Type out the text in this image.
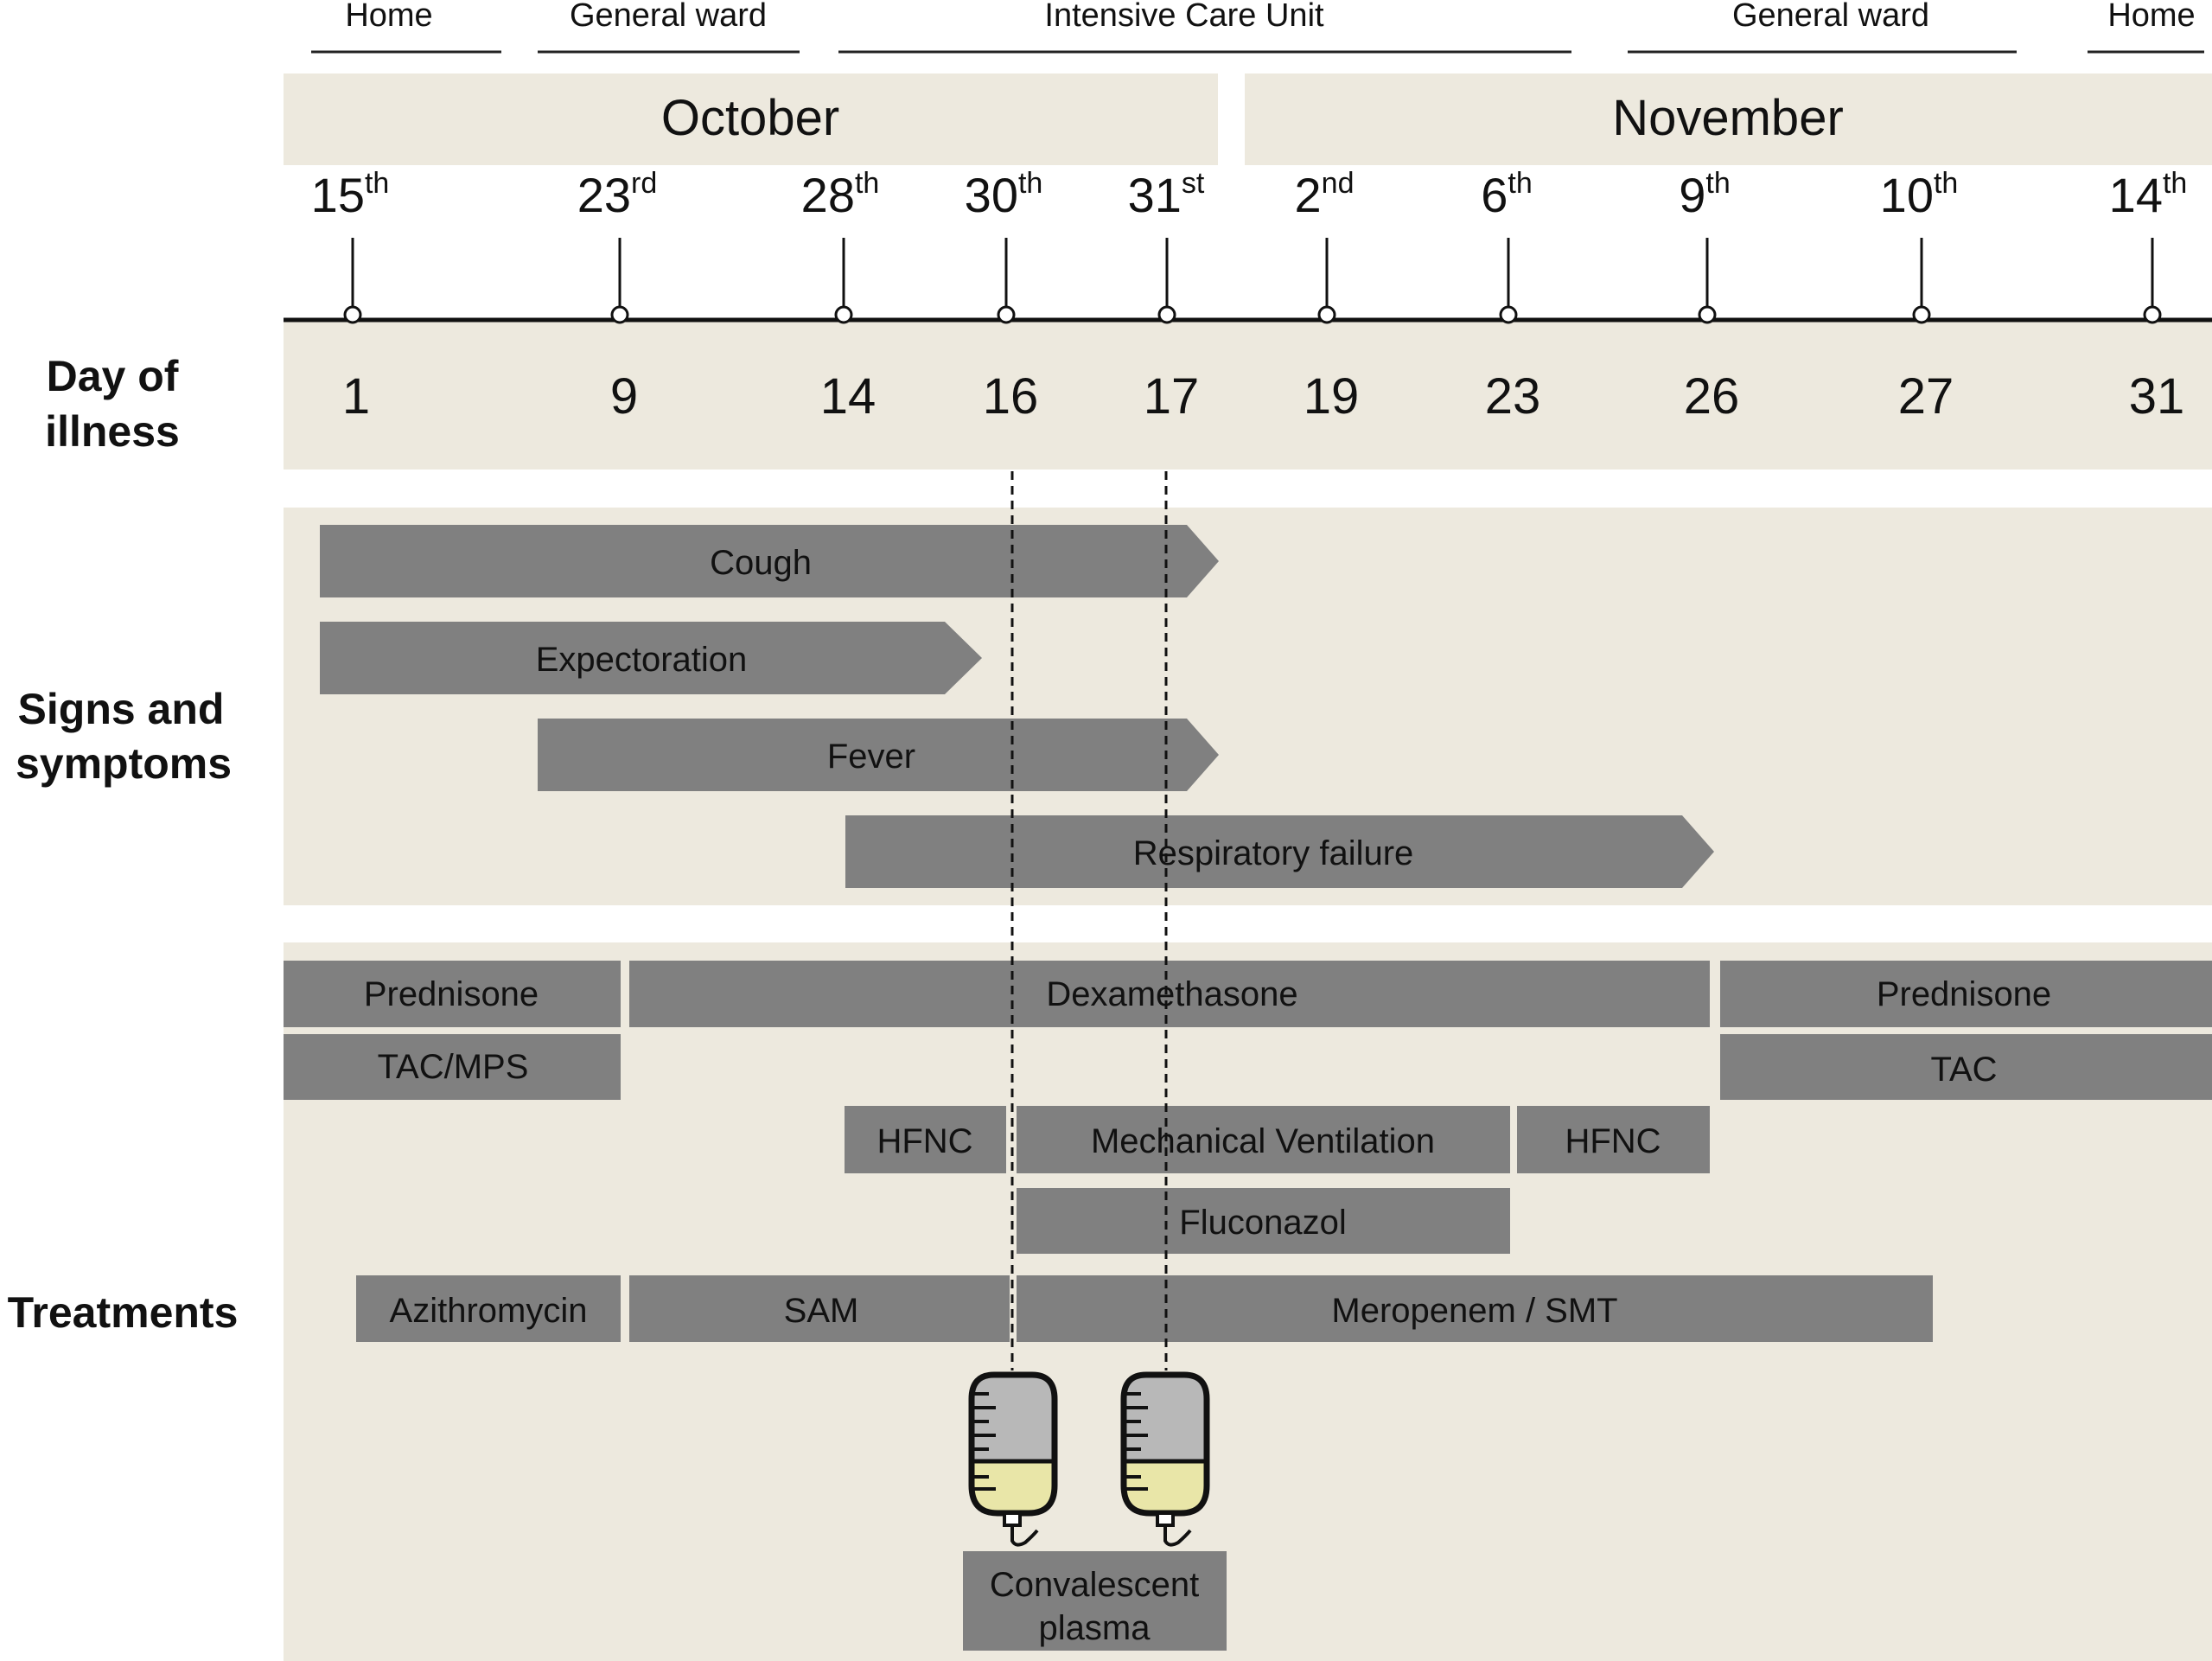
Home	General ward	Intensive Care Unit	General ward	Home
October	November
15th
1
23rd
9
28th
14
30th
16
31st
17
2nd
19
6th
23
9th
26
10th
27
14th
31
Day of
illness
Signs and
symptoms
Treatments
Cough
Expectoration
Fever
Respiratory failure
Prednisone	Dexamethasone	Prednisone
TAC/MPS	TAC
HFNC	Mechanical Ventilation	HFNC
Fluconazol
Azithromycin	SAM	Meropenem / SMT
Convalescent
plasma
